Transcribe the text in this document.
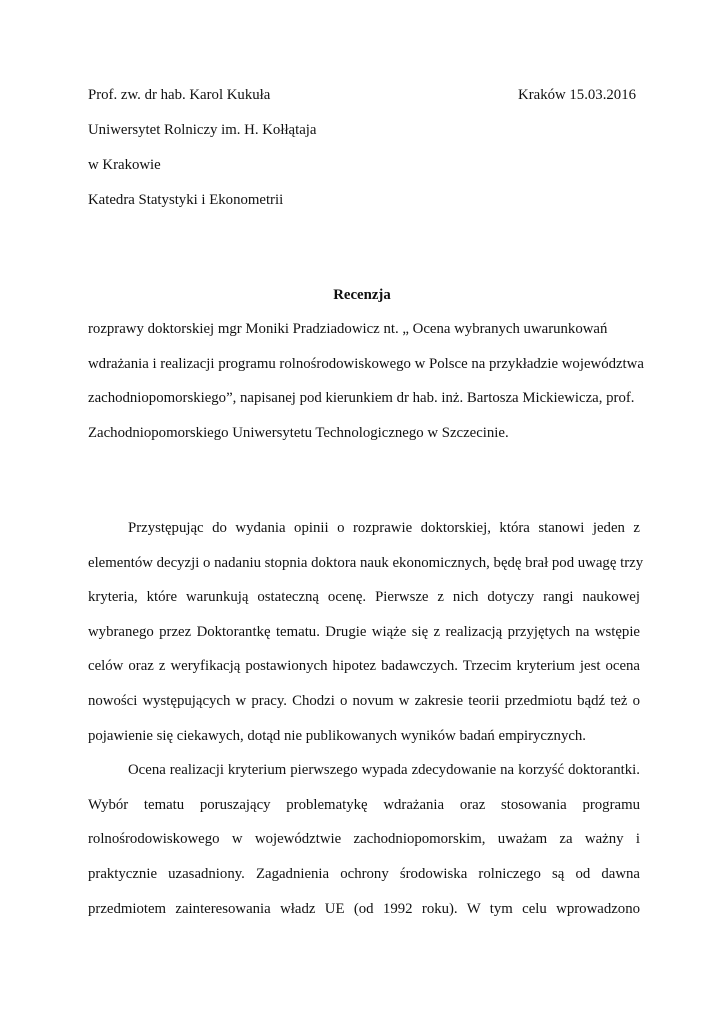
Prof. zw. dr hab. Karol Kukuła
Uniwersytet Rolniczy im. H. Kołłątaja
w Krakowie
Katedra Statystyki i Ekonometrii
Kraków 15.03.2016
Recenzja
rozprawy doktorskiej mgr Moniki Pradziadowicz nt. „ Ocena wybranych uwarunkowań
wdrażania i realizacji programu rolnośrodowiskowego w Polsce na przykładzie województwa
zachodniopomorskiego”, napisanej pod kierunkiem dr hab. inż. Bartosza Mickiewicza, prof.
Zachodniopomorskiego Uniwersytetu Technologicznego w Szczecinie.
Przystępując do wydania opinii o rozprawie doktorskiej, która stanowi jeden z
elementów decyzji o nadaniu stopnia doktora nauk ekonomicznych, będę brał pod uwagę trzy
kryteria, które warunkują ostateczną ocenę. Pierwsze z nich dotyczy rangi naukowej
wybranego przez Doktorantkę tematu. Drugie wiąże się z realizacją przyjętych na wstępie
celów oraz z weryfikacją postawionych hipotez badawczych. Trzecim kryterium jest ocena
nowości występujących w pracy. Chodzi o novum w zakresie teorii przedmiotu bądź też o
pojawienie się ciekawych, dotąd nie publikowanych wyników badań empirycznych.
Ocena realizacji kryterium pierwszego wypada zdecydowanie na korzyść doktorantki.
Wybór tematu poruszający problematykę wdrażania oraz stosowania programu
rolnośrodowiskowego w województwie zachodniopomorskim, uważam za ważny i
praktycznie uzasadniony. Zagadnienia ochrony środowiska rolniczego są od dawna
przedmiotem zainteresowania władz UE (od 1992 roku). W tym celu wprowadzono
